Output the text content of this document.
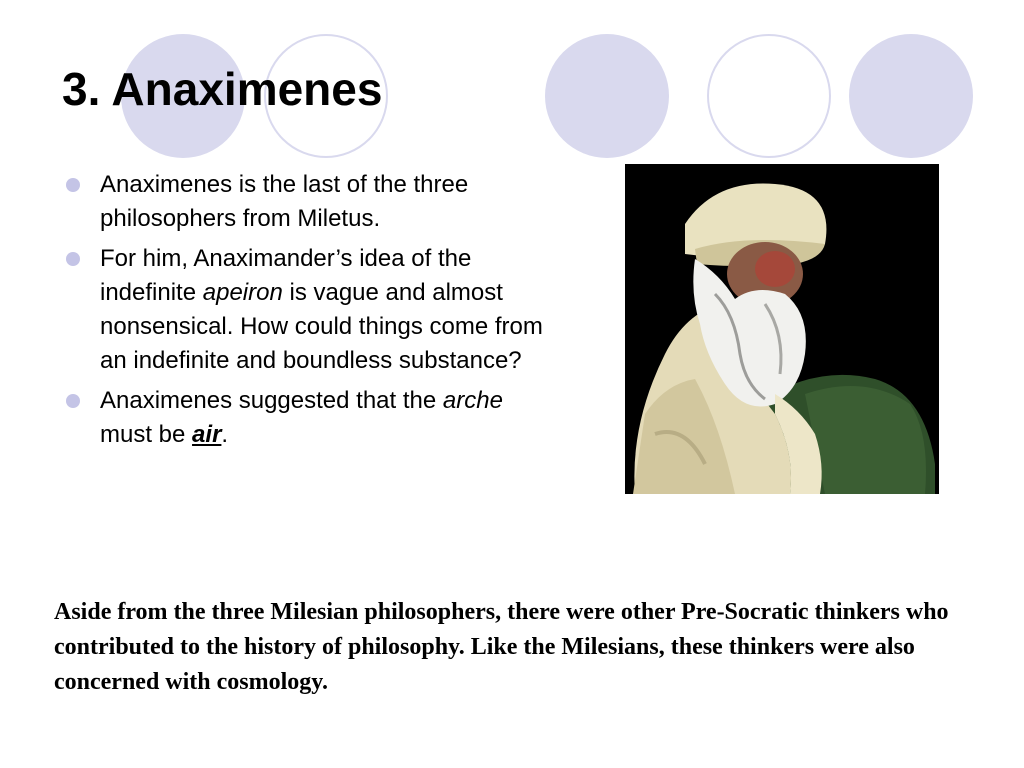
3. Anaximenes
Anaximenes is the last of the three philosophers from Miletus.
For him, Anaximander’s idea of the indefinite apeiron is vague and almost nonsensical. How could things come from an indefinite and boundless substance?
Anaximenes suggested that the arche must be air.

Aside from the three Milesian philosophers, there were other Pre-Socratic thinkers who contributed to the history of philosophy. Like the Milesians, these thinkers were also concerned with cosmology.
